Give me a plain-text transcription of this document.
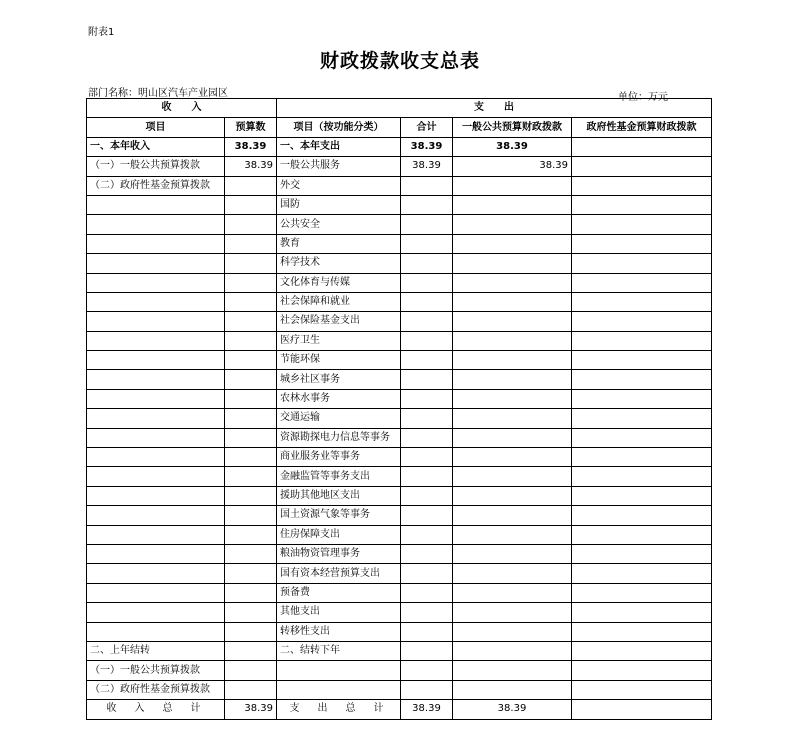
附表1
财政拨款收支总表
部门名称：明山区汽车产业园区	单位：万元
收　　入		支　　出			
项目	预算数	项目（按功能分类）	合计	一般公共预算财政拨款	政府性基金预算财政拨款
一、本年收入	38.39	一、本年支出	38.39	38.39	
（一）一般公共预算拨款	38.39	一般公共服务	38.39	38.39	
（二）政府性基金预算拨款		外交			
		国防			
		公共安全			
		教育			
		科学技术			
		文化体育与传媒			
		社会保障和就业			
		社会保险基金支出			
		医疗卫生			
		节能环保			
		城乡社区事务			
		农林水事务			
		交通运输			
		资源勘探电力信息等事务			
		商业服务业等事务			
		金融监管等事务支出			
		援助其他地区支出			
		国土资源气象等事务			
		住房保障支出			
		粮油物资管理事务			
		国有资本经营预算支出			
		预备费			
		其他支出			
		转移性支出			
二、上年结转		二、结转下年			
（一）一般公共预算拨款					
（二）政府性基金预算拨款					
收　入　总　计	38.39	支　出　总　计	38.39	38.39	
